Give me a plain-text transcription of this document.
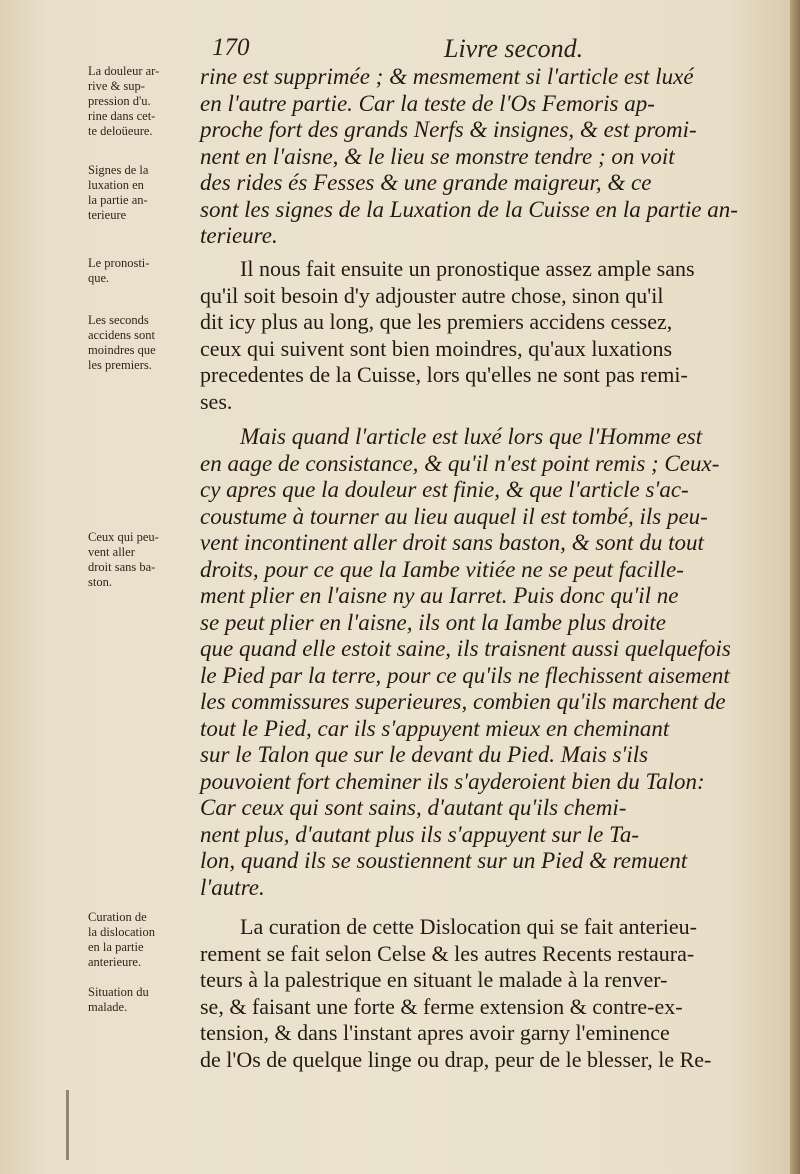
170	Livre second.
La douleur ar-
rive & sup-
pression d'u.
rine dans cet-
te deloüeure.
Signes de la
luxation en
la partie an-
terieure
Le pronosti-
que.
Les seconds
accidens sont
moindres que
les premiers.
Ceux qui peu-
vent aller
droit sans ba-
ston.
Curation de
la dislocation
en la partie
anterieure.
Situation du
malade.
rine est supprimée ; & mesmement si l'article est luxé
en l'autre partie. Car la teste de l'Os Femoris ap-
proche fort des grands Nerfs & insignes, & est promi-
nent en l'aisne, & le lieu se monstre tendre ; on voit
des rides és Fesses & une grande maigreur, & ce
sont les signes de la Luxation de la Cuisse en la partie an-
terieure.
Il nous fait ensuite un pronostique assez ample sans
qu'il soit besoin d'y adjouster autre chose, sinon qu'il
dit icy plus au long, que les premiers accidens cessez,
ceux qui suivent sont bien moindres, qu'aux luxations
precedentes de la Cuisse, lors qu'elles ne sont pas remi-
ses.
Mais quand l'article est luxé lors que l'Homme est
en aage de consistance, & qu'il n'est point remis ; Ceux-
cy apres que la douleur est finie, & que l'article s'ac-
coustume à tourner au lieu auquel il est tombé, ils peu-
vent incontinent aller droit sans baston, & sont du tout
droits, pour ce que la Iambe vitiée ne se peut facille-
ment plier en l'aisne ny au Iarret. Puis donc qu'il ne
se peut plier en l'aisne, ils ont la Iambe plus droite
que quand elle estoit saine, ils traisnent aussi quelquefois
le Pied par la terre, pour ce qu'ils ne flechissent aisement
les commissures superieures, combien qu'ils marchent de
tout le Pied, car ils s'appuyent mieux en cheminant
sur le Talon que sur le devant du Pied. Mais s'ils
pouvoient fort cheminer ils s'ayderoient bien du Talon:
Car ceux qui sont sains, d'autant qu'ils chemi-
nent plus, d'autant plus ils s'appuyent sur le Ta-
lon, quand ils se soustiennent sur un Pied & remuent
l'autre.
La curation de cette Dislocation qui se fait anterieu-
rement se fait selon Celse & les autres Recents restaura-
teurs à la palestrique en situant le malade à la renver-
se, & faisant une forte & ferme extension & contre-ex-
tension, & dans l'instant apres avoir garny l'eminence
de l'Os de quelque linge ou drap, peur de le blesser, le Re-
